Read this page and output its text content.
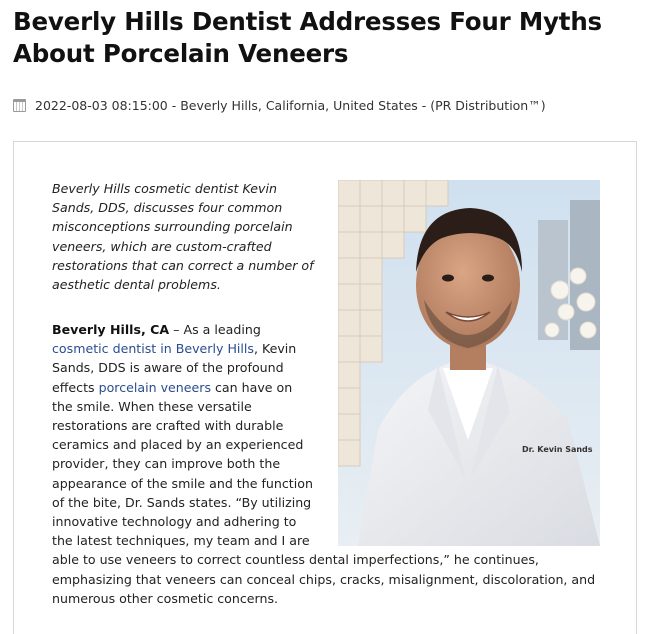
Beverly Hills Dentist Addresses Four Myths About Porcelain Veneers
2022-08-03 08:15:00 - Beverly Hills, California, United States - (PR Distribution™)

Beverly Hills cosmetic dentist Kevin Sands, DDS, discusses four common misconceptions surrounding porcelain veneers, which are custom-crafted restorations that can correct a number of aesthetic dental problems.

Dr. Kevin Sands
Beverly Hills, CA – As a leading cosmetic dentist in Beverly Hills, Kevin Sands, DDS is aware of the profound effects porcelain veneers can have on the smile. When these versatile restorations are crafted with durable ceramics and placed by an experienced provider, they can improve both the appearance of the smile and the function of the bite, Dr. Sands states. “By utilizing innovative technology and adhering to the latest techniques, my team and I are able to use veneers to correct countless dental imperfections,” he continues, emphasizing that veneers can conceal chips, cracks, misalignment, discoloration, and numerous other cosmetic concerns.
